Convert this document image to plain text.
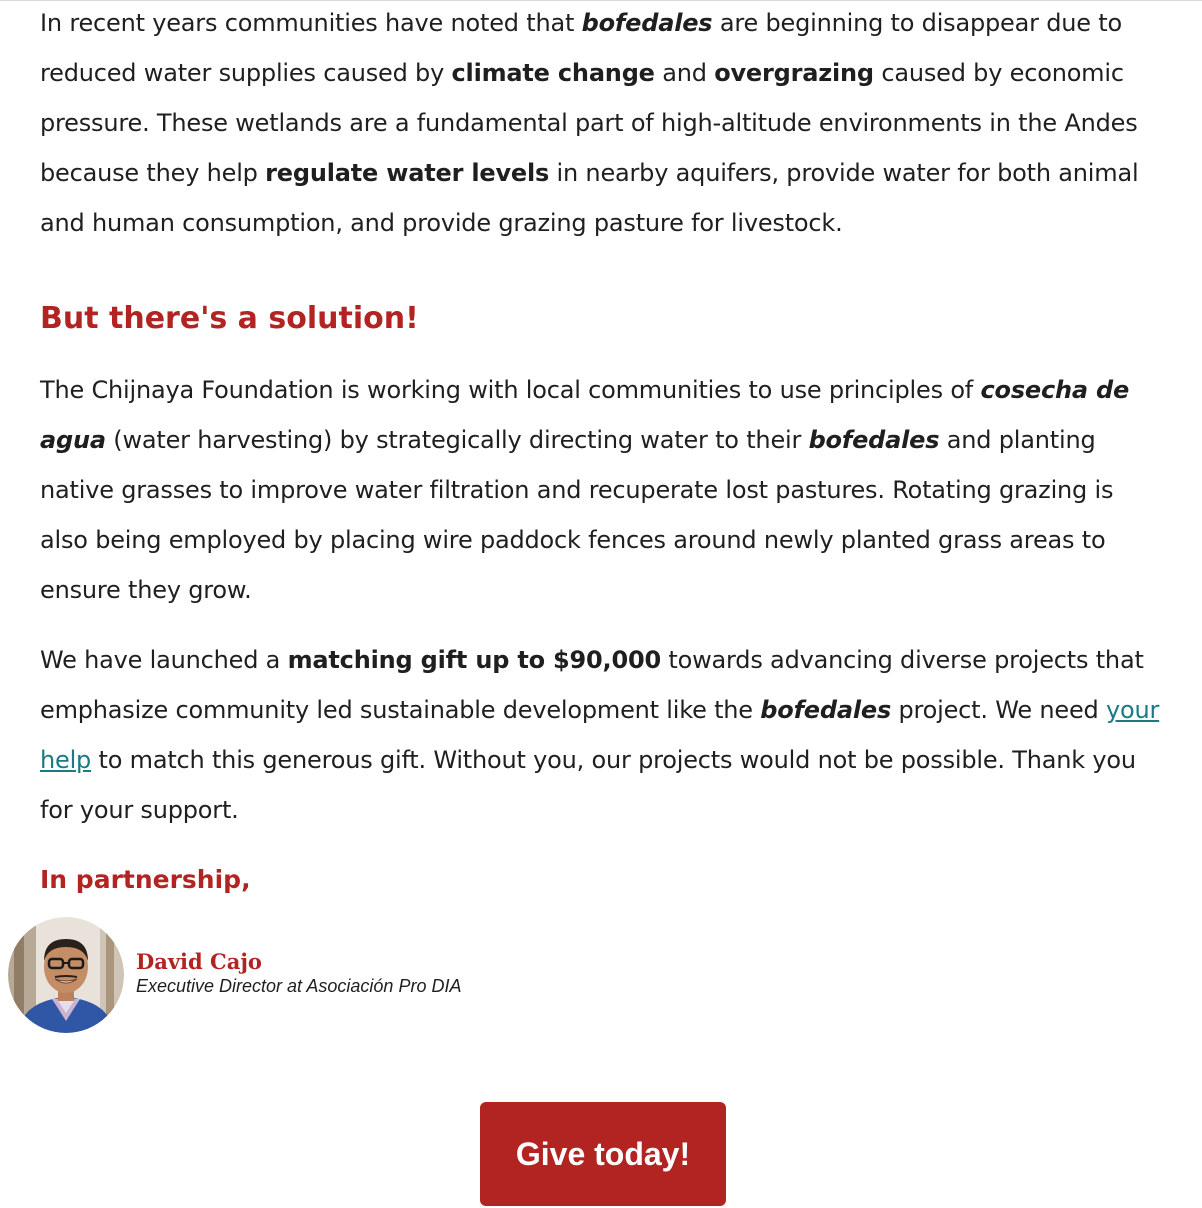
In recent years communities have noted that bofedales are beginning to disappear due to reduced water supplies caused by climate change and overgrazing caused by economic pressure. These wetlands are a fundamental part of high-altitude environments in the Andes because they help regulate water levels in nearby aquifers, provide water for both animal and human consumption, and provide grazing pasture for livestock.

But there's a solution!

The Chijnaya Foundation is working with local communities to use principles of cosecha de agua (water harvesting) by strategically directing water to their bofedales and planting native grasses to improve water filtration and recuperate lost pastures. Rotating grazing is also being employed by placing wire paddock fences around newly planted grass areas to ensure they grow.

We have launched a matching gift up to $90,000 towards advancing diverse projects that emphasize community led sustainable development like the bofedales project. We need your help to match this generous gift. Without you, our projects would not be possible. Thank you for your support.

In partnership,

David Cajo
Executive Director at Asociación Pro DIA
Give today!
